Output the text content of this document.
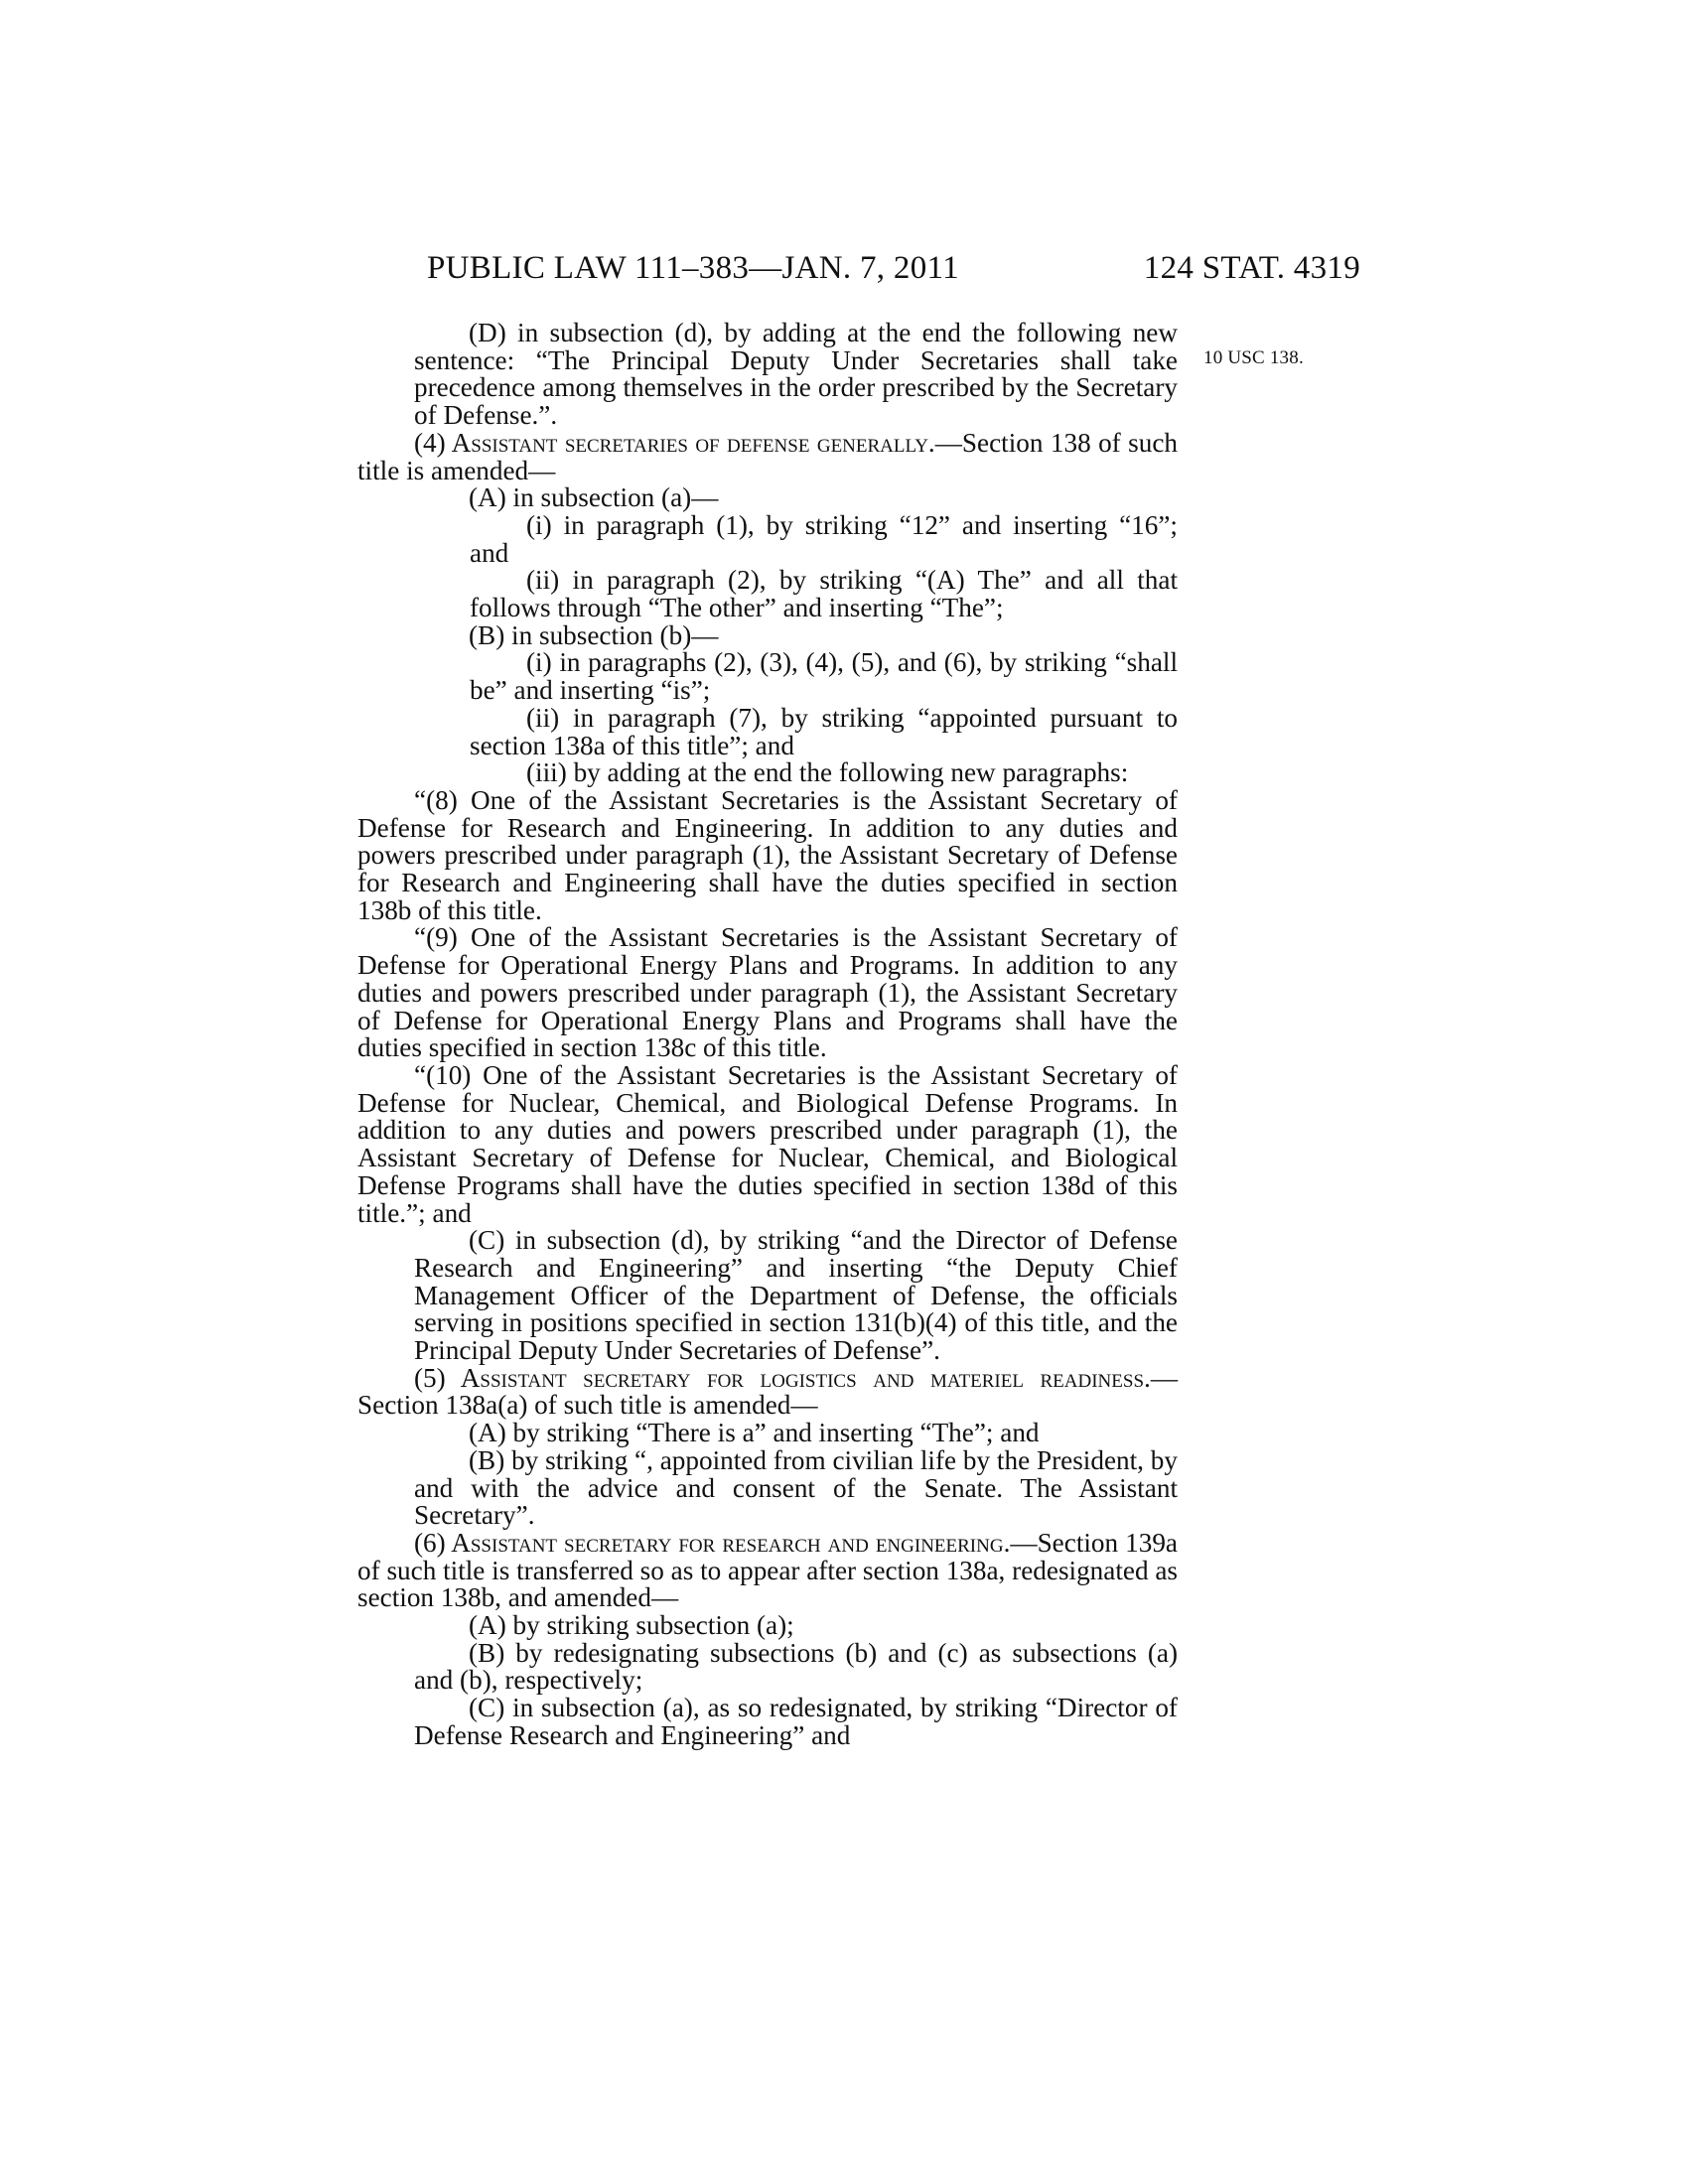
PUBLIC LAW 111–383—JAN. 7, 2011	124 STAT. 4319
10 USC 138.

(D) in subsection (d), by adding at the end the following new sentence: “The Principal Deputy Under Secretaries shall take precedence among themselves in the order prescribed by the Secretary of Defense.”.

(4) Assistant secretaries of defense generally.—Section 138 of such title is amended—

(A) in subsection (a)—

(i) in paragraph (1), by striking “12” and inserting “16”; and

(ii) in paragraph (2), by striking “(A) The” and all that follows through “The other” and inserting “The”;

(B) in subsection (b)—

(i) in paragraphs (2), (3), (4), (5), and (6), by striking “shall be” and inserting “is”;

(ii) in paragraph (7), by striking “appointed pursuant to section 138a of this title”; and

(iii) by adding at the end the following new paragraphs:

“(8) One of the Assistant Secretaries is the Assistant Secretary of Defense for Research and Engineering. In addition to any duties and powers prescribed under paragraph (1), the Assistant Secretary of Defense for Research and Engineering shall have the duties specified in section 138b of this title.

“(9) One of the Assistant Secretaries is the Assistant Secretary of Defense for Operational Energy Plans and Programs. In addition to any duties and powers prescribed under paragraph (1), the Assistant Secretary of Defense for Operational Energy Plans and Programs shall have the duties specified in section 138c of this title.

“(10) One of the Assistant Secretaries is the Assistant Secretary of Defense for Nuclear, Chemical, and Biological Defense Programs. In addition to any duties and powers prescribed under paragraph (1), the Assistant Secretary of Defense for Nuclear, Chemical, and Biological Defense Programs shall have the duties specified in section 138d of this title.”; and

(C) in subsection (d), by striking “and the Director of Defense Research and Engineering” and inserting “the Deputy Chief Management Officer of the Department of Defense, the officials serving in positions specified in section 131(b)(4) of this title, and the Principal Deputy Under Secretaries of Defense”.

(5) Assistant secretary for logistics and materiel readiness.—Section 138a(a) of such title is amended—

(A) by striking “There is a” and inserting “The”; and

(B) by striking “, appointed from civilian life by the President, by and with the advice and consent of the Senate. The Assistant Secretary”.

(6) Assistant secretary for research and engineering.—Section 139a of such title is transferred so as to appear after section 138a, redesignated as section 138b, and amended—

(A) by striking subsection (a);

(B) by redesignating subsections (b) and (c) as subsections (a) and (b), respectively;

(C) in subsection (a), as so redesignated, by striking “Director of Defense Research and Engineering” and
